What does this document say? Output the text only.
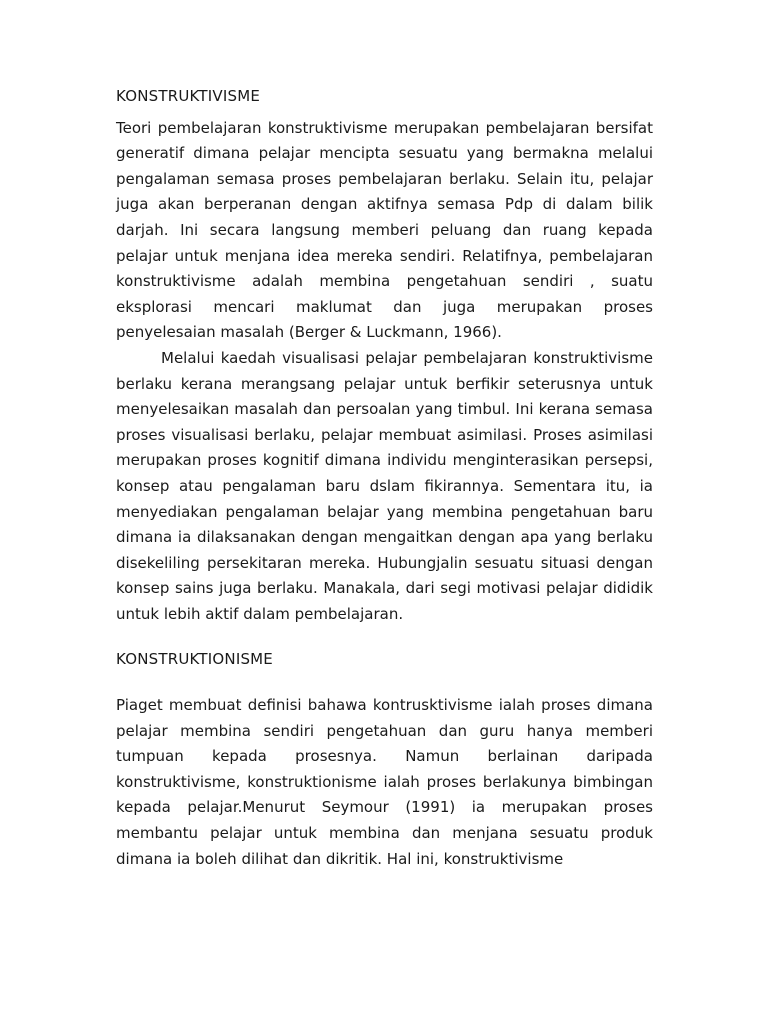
KONSTRUKTIVISME

Teori pembelajaran konstruktivisme merupakan pembelajaran bersifat generatif dimana pelajar mencipta sesuatu yang bermakna melalui pengalaman semasa proses pembelajaran berlaku. Selain itu, pelajar juga akan berperanan dengan aktifnya semasa Pdp di dalam bilik darjah. Ini secara langsung memberi peluang dan ruang kepada pelajar untuk menjana idea mereka sendiri. Relatifnya, pembelajaran konstruktivisme adalah membina pengetahuan sendiri , suatu eksplorasi mencari maklumat dan juga merupakan proses penyelesaian masalah (Berger & Luckmann, 1966).

Melalui kaedah visualisasi pelajar pembelajaran konstruktivisme berlaku kerana merangsang pelajar untuk berfikir seterusnya untuk menyelesaikan masalah dan persoalan yang timbul. Ini kerana semasa proses visualisasi berlaku, pelajar membuat asimilasi. Proses asimilasi merupakan proses kognitif dimana individu menginterasikan persepsi, konsep atau pengalaman baru dslam fikirannya. Sementara itu, ia menyediakan pengalaman belajar yang membina pengetahuan baru dimana ia dilaksanakan dengan mengaitkan dengan apa yang berlaku disekeliling persekitaran mereka. Hubungjalin sesuatu situasi dengan konsep sains juga berlaku. Manakala, dari segi motivasi pelajar dididik untuk lebih aktif dalam pembelajaran.

KONSTRUKTIONISME

Piaget membuat definisi bahawa kontrusktivisme ialah proses dimana pelajar membina sendiri pengetahuan dan guru hanya memberi tumpuan kepada prosesnya. Namun berlainan daripada konstruktivisme, konstruktionisme ialah proses berlakunya bimbingan kepada pelajar.Menurut Seymour (1991) ia merupakan proses membantu pelajar untuk membina dan menjana sesuatu produk dimana ia boleh dilihat dan dikritik. Hal ini, konstruktivisme
